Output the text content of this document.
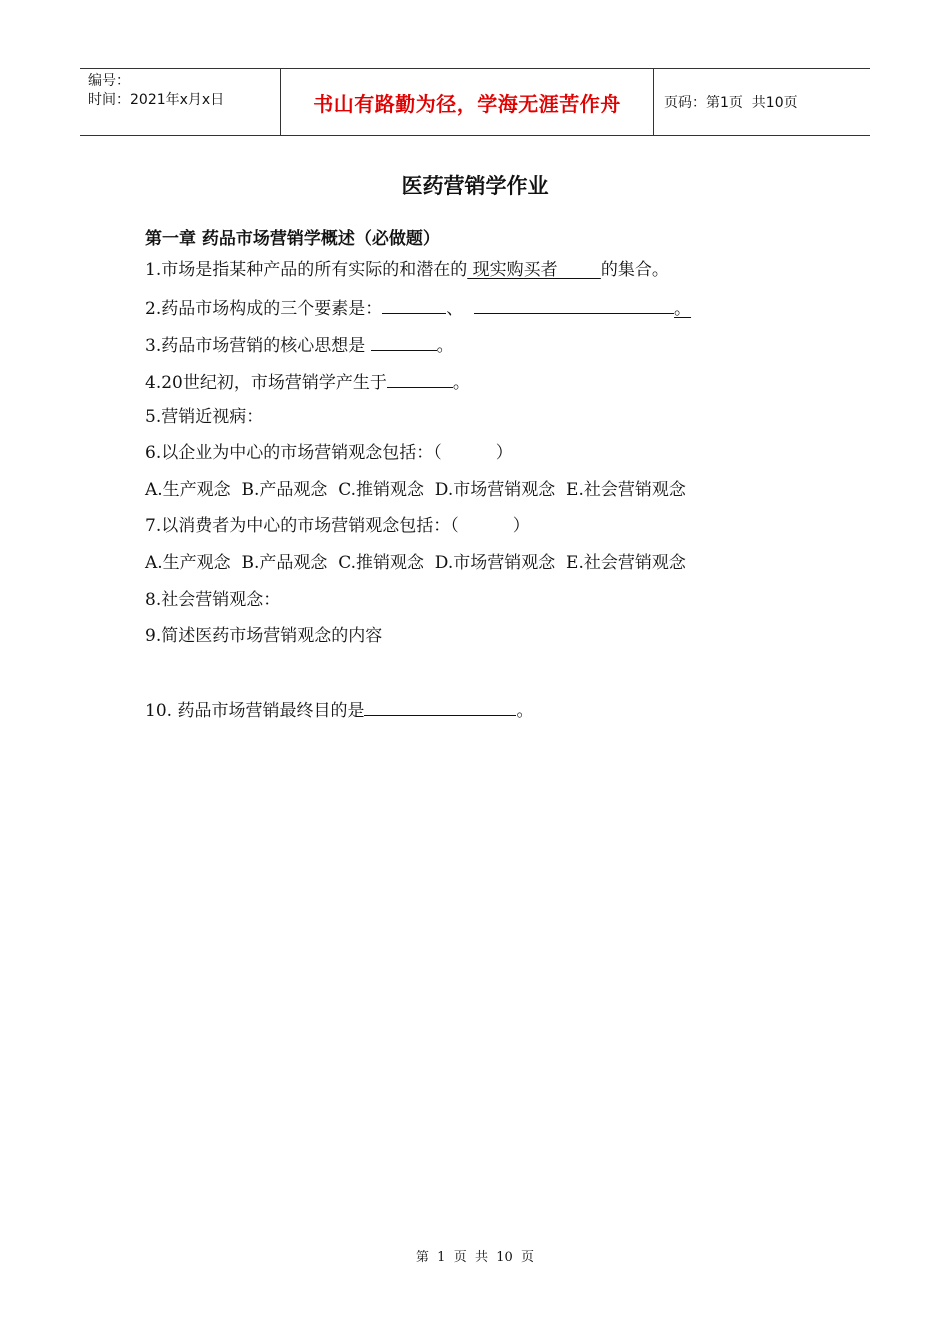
编号：
时间：2021年x月x日	书山有路勤为径，学海无涯苦作舟	页码：第1页  共10页
医药营销学作业
第一章 药品市场营销学概述（必做题）
1.市场是指某种产品的所有实际的和潜在的 现实购买者        的集合。
2.药品市场构成的三个要素是：	、	。
3.药品市场营销的核心思想是	。
4.20世纪初，市场营销学产生于	。
5.营销近视病：
6.以企业为中心的市场营销观念包括：（          ）
A.生产观念  B.产品观念  C.推销观念  D.市场营销观念  E.社会营销观念
7.以消费者为中心的市场营销观念包括：（          ）
A.生产观念  B.产品观念  C.推销观念  D.市场营销观念  E.社会营销观念
8.社会营销观念：
9.简述医药市场营销观念的内容
10. 药品市场营销最终目的是	。
第  1  页  共  10  页
